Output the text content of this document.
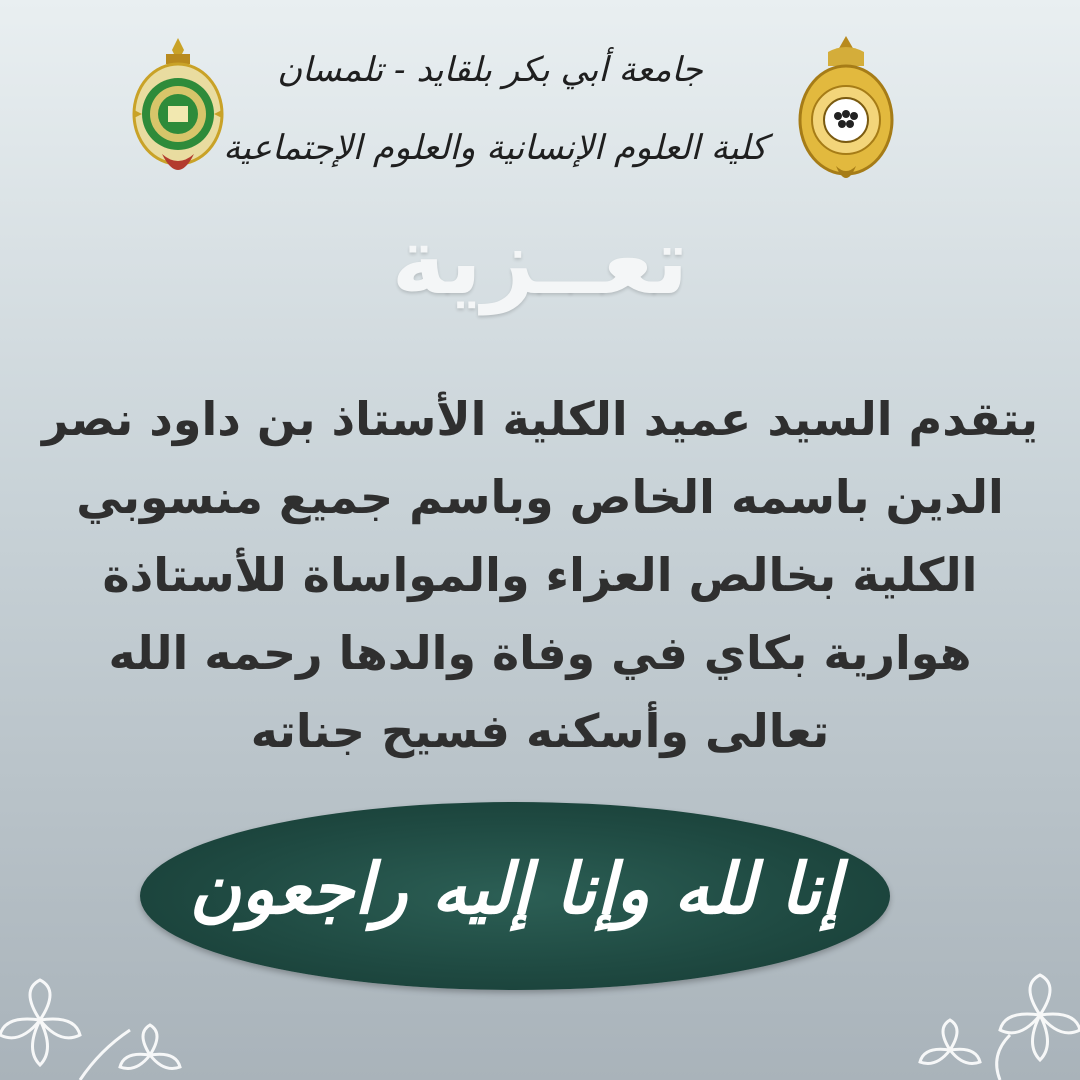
جامعة أبي بكر بلقايد - تلمسان
كلية العلوم الإنسانية والعلوم الإجتماعية
تعــزية
يتقدم السيد عميد الكلية الأستاذ بن داود نصر الدين باسمه الخاص وباسم جميع منسوبي الكلية بخالص العزاء والمواساة للأستاذة هوارية بكاي في وفاة والدها رحمه الله تعالى وأسكنه فسيح جناته
إنا لله وإنا إليه راجعون
